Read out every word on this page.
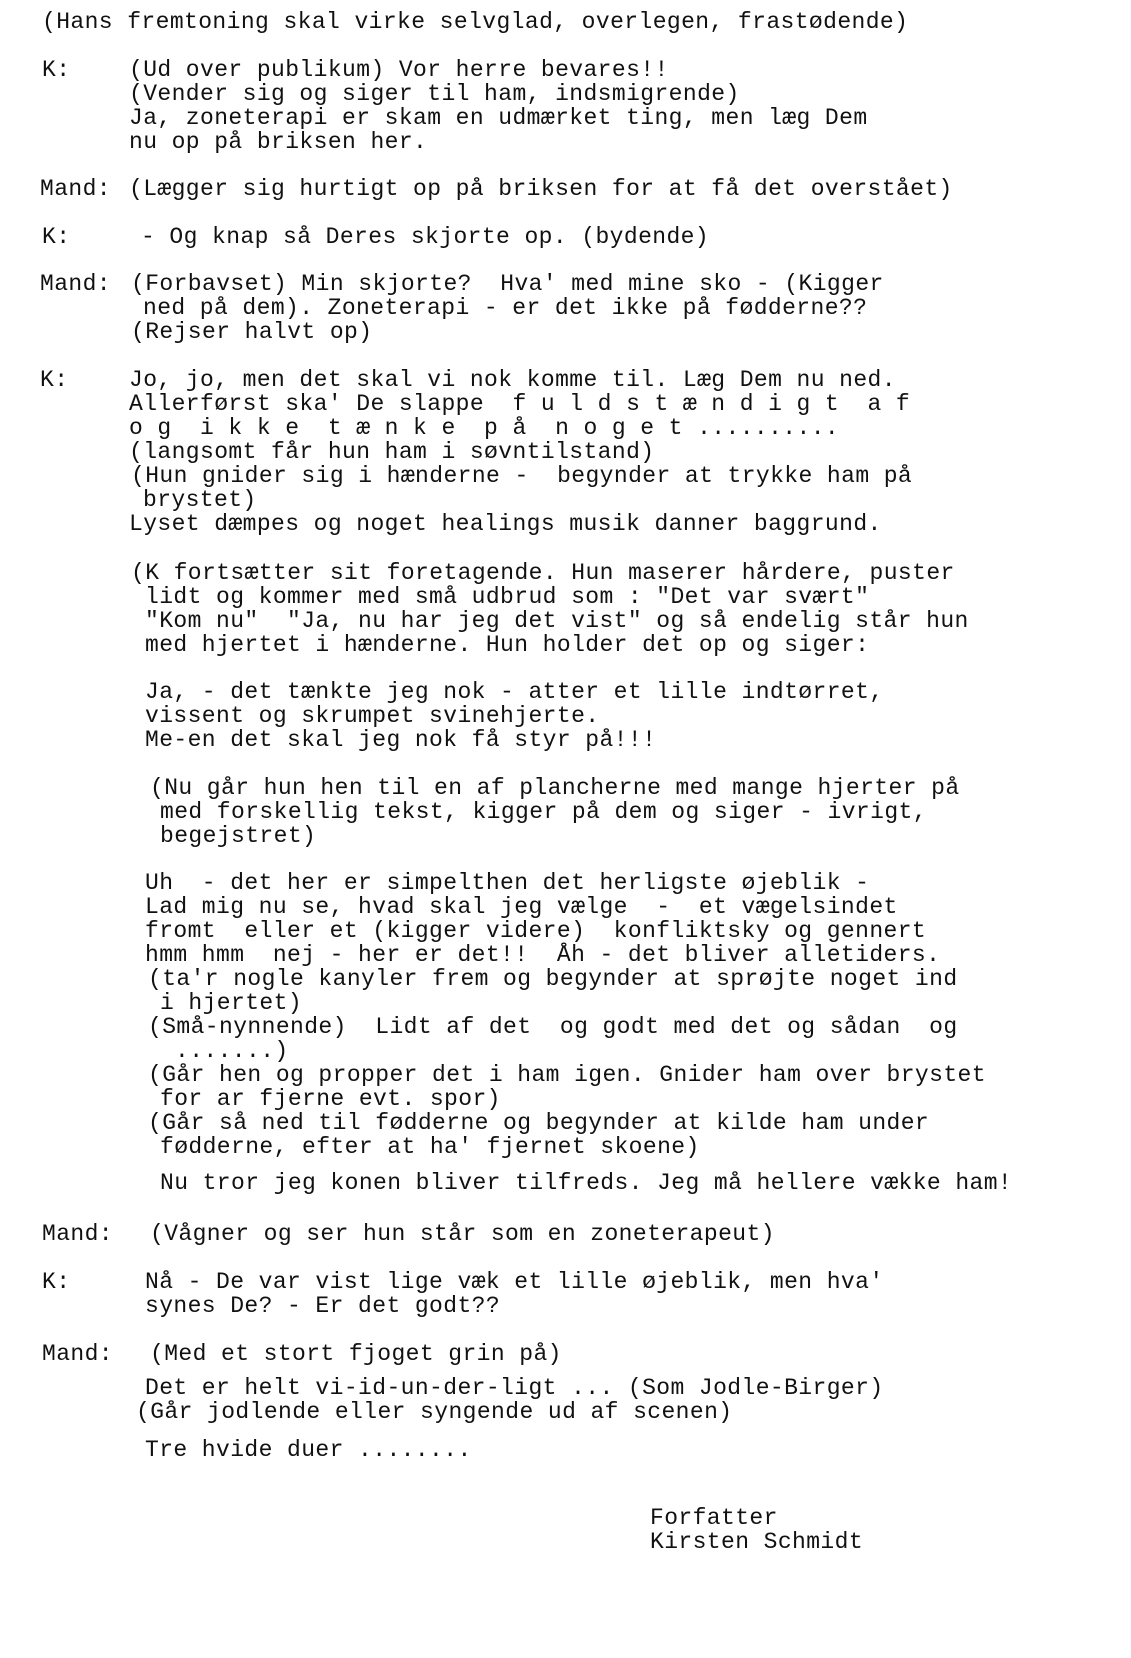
(Hans fremtoning skal virke selvglad, overlegen, frastødende)
K:	(Ud over publikum) Vor herre bevares!!
(Vender sig og siger til ham, indsmigrende)
Ja, zoneterapi er skam en udmærket ting, men læg Dem
nu op på briksen her.
Mand: (Lægger sig hurtigt op på briksen for at få det overstået)
K:	- Og knap så Deres skjorte op. (bydende)
Mand: (Forbavset) Min skjorte?  Hva' med mine sko - (Kigger
ned på dem). Zoneterapi - er det ikke på fødderne??
(Rejser halvt op)
K:	Jo, jo, men det skal vi nok komme til. Læg Dem nu ned.
Allerførst ska' De slappe  f u l d s t æ n d i g t  a f
o g  i k k e  t æ n k e  p å  n o g e t ..........
(langsomt får hun ham i søvntilstand)
(Hun gnider sig i hænderne -  begynder at trykke ham på
brystet)
Lyset dæmpes og noget healings musik danner baggrund.
(K fortsætter sit foretagende. Hun maserer hårdere, puster
lidt og kommer med små udbrud som : "Det var svært"
"Kom nu"  "Ja, nu har jeg det vist" og så endelig står hun
med hjertet i hænderne. Hun holder det op og siger:
Ja, - det tænkte jeg nok - atter et lille indtørret,
vissent og skrumpet svinehjerte.
Me-en det skal jeg nok få styr på!!!
(Nu går hun hen til en af plancherne med mange hjerter på
med forskellig tekst, kigger på dem og siger - ivrigt,
begejstret)
Uh  - det her er simpelthen det herligste øjeblik -
Lad mig nu se, hvad skal jeg vælge  -  et vægelsindet
fromt  eller et (kigger videre)  konfliktsky og gennert
hmm hmm  nej - her er det!!  Åh - det bliver alletiders.
(ta'r nogle kanyler frem og begynder at sprøjte noget ind
i hjertet)
(Små-nynnende)  Lidt af det  og godt med det og sådan  og
.......)
(Går hen og propper det i ham igen. Gnider ham over brystet
for ar fjerne evt. spor)
(Går så ned til fødderne og begynder at kilde ham under
fødderne, efter at ha' fjernet skoene)
Nu tror jeg konen bliver tilfreds. Jeg må hellere vække ham!
Mand: (Vågner og ser hun står som en zoneterapeut)
K:	Nå - De var vist lige væk et lille øjeblik, men hva'
synes De? - Er det godt??
Mand: (Med et stort fjoget grin på)
Det er helt vi-id-un-der-ligt ... (Som Jodle-Birger)
(Går jodlende eller syngende ud af scenen)
Tre hvide duer ........
Forfatter
Kirsten Schmidt
